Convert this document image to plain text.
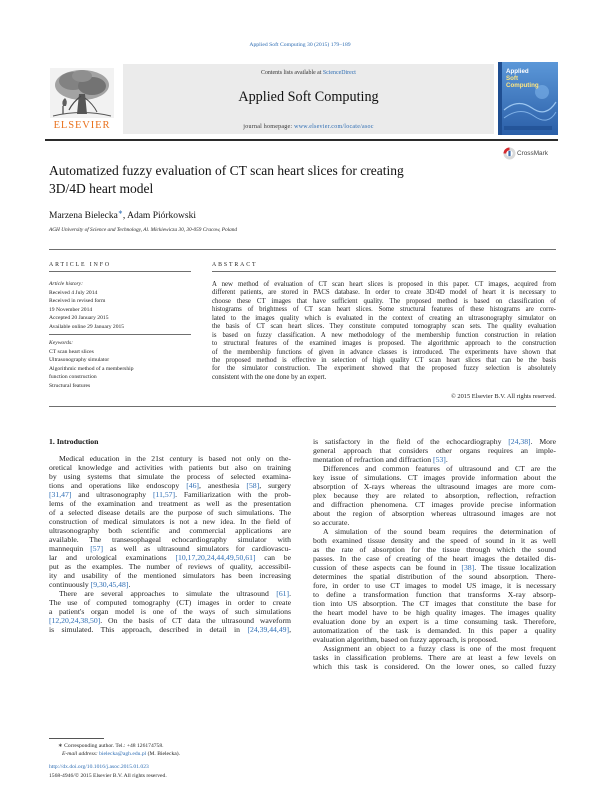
Applied Soft Computing 30 (2015) 179–189
ELSEVIER
Contents lists available at ScienceDirect
Applied Soft Computing
journal homepage: www.elsevier.com/locate/asoc
Applied
Soft
Computing
Automatized fuzzy evaluation of CT scan heart slices for creating
3D/4D heart model
CrossMark
Marzena Bielecka∗, Adam Piórkowski
AGH University of Science and Technology, Al. Mickiewicza 30, 30-059 Cracow, Poland
ARTICLE INFO	ABSTRACT
Article history:
Received 4 July 2014
Received in revised form
19 November 2014
Accepted 20 January 2015
Available online 29 January 2015
Keywords:
CT scan heart slices
Ultrasonography simulator
Algorithmic method of a membership
function construction
Structural features
A new method of evaluation of CT scan heart slices is proposed in this paper. CT images, acquired from
different patients, are stored in PACS database. In order to create 3D/4D model of heart it is necessary to
choose these CT images that have sufficient quality. The proposed method is based on classification of
histograms of brightness of CT scan heart slices. Some structural features of these histograms are corre-
lated to the images quality which is evaluated in the context of creating an ultrasonography simulator on
the basis of CT scan heart slices. They constitute computed tomography scan sets. The quality evaluation
is based on fuzzy classification. A new methodology of the membership function construction in relation
to structural features of the examined images is proposed. The algorithmic approach to the construction
of the membership functions of given in advance classes is introduced. The experiments have shown that
the proposed method is effective in selection of high quality CT scan heart slices that can be the basis
for the simulator construction. The experiment showed that the proposed fuzzy selection is absolutely
consistent with the one done by an expert.
© 2015 Elsevier B.V. All rights reserved.
1. Introduction
Medical education in the 21st century is based not only on the-
oretical knowledge and activities with patients but also on training
by using systems that simulate the process of selected examina-
tions and operations like endoscopy [46], anesthesia [58], surgery
[31,47] and ultrasonography [11,57]. Familiarization with the prob-
lems of the examination and treatment as well as the presentation
of a selected disease details are the purpose of such simulations. The
construction of medical simulators is not a new idea. In the field of
ultrasonography both scientific and commercial applications are
available. The transesophageal echocardiography simulator with
mannequin [57] as well as ultrasound simulators for cardiovascu-
lar and urological examinations [10,17,20,24,44,49,50,61] can be
put as the examples. The number of reviews of quality, accessibil-
ity and usability of the mentioned simulators has been increasing
continuously [9,30,45,48].
There are several approaches to simulate the ultrasound [61].
The use of computed tomography (CT) images in order to create
a patient's organ model is one of the ways of such simulations
[12,20,24,38,50]. On the basis of CT data the ultrasound waveform
is simulated. This approach, described in detail in [24,39,44,49],
is satisfactory in the field of the echocardiography [24,38]. More
general approach that considers other organs requires an imple-
mentation of refraction and diffraction [53].
Differences and common features of ultrasound and CT are the
key issue of simulations. CT images provide information about the
absorption of X-rays whereas the ultrasound images are more com-
plex because they are related to absorption, reflection, refraction
and diffraction phenomena. CT images provide precise information
about the region of absorption whereas ultrasound images are not
so accurate.
A simulation of the sound beam requires the determination of
both examined tissue density and the speed of sound in it as well
as the rate of absorption for the tissue through which the sound
passes. In the case of creating of the heart images the detailed dis-
cussion of these aspects can be found in [38]. The tissue localization
determines the spatial distribution of the sound absorption. There-
fore, in order to use CT images to model US image, it is necessary
to define a transformation function that transforms X-ray absorp-
tion into US absorption. The CT images that constitute the base for
the heart model have to be high quality images. The images quality
evaluation done by an expert is a time consuming task. Therefore,
automatization of the task is demanded. In this paper a quality
evaluation algorithm, based on fuzzy approach, is proposed.
Assignment an object to a fuzzy class is one of the most frequent
tasks in classification problems. There are at least a few levels on
which this task is considered. On the lower ones, so called fuzzy
∗ Corresponding author. Tel.: +48 126174758.
E-mail address: bielecka@agh.edu.pl (M. Bielecka).
http://dx.doi.org/10.1016/j.asoc.2015.01.023
1568-4946/© 2015 Elsevier B.V. All rights reserved.
